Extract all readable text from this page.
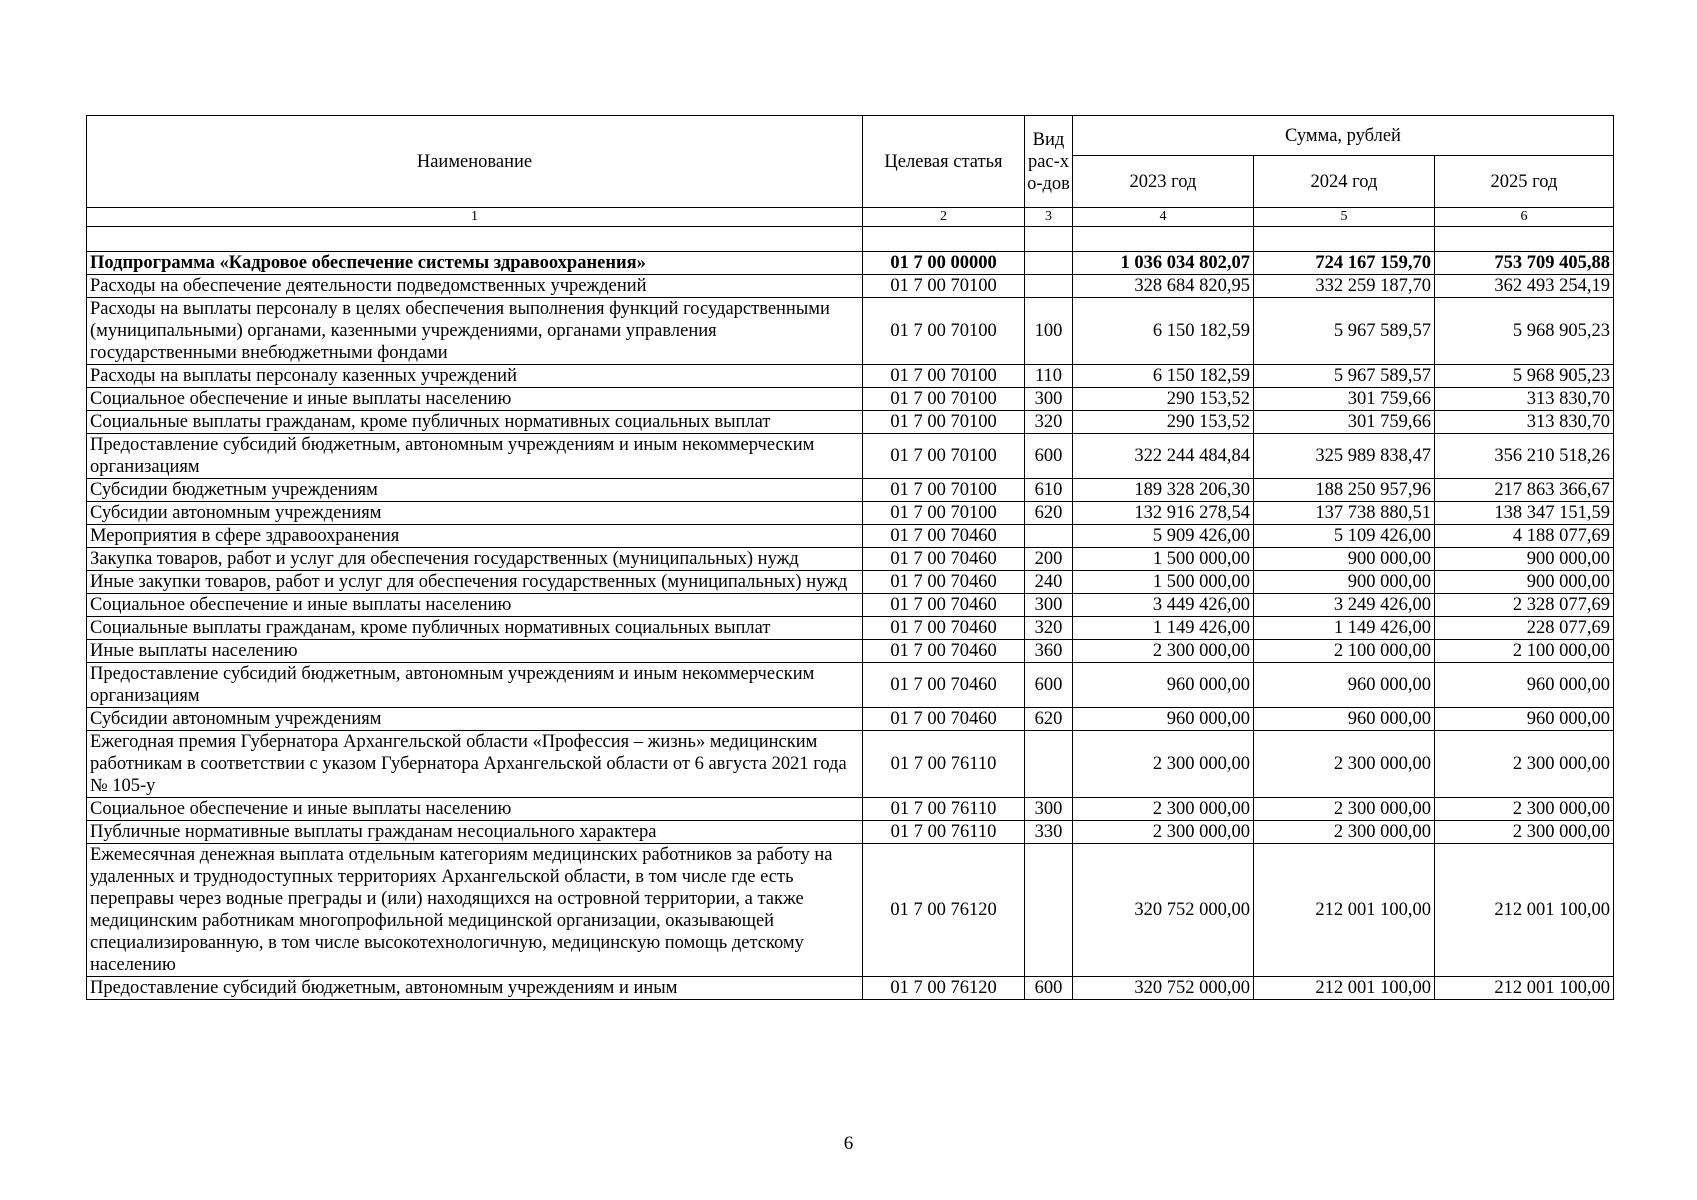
Наименование	Целевая статья	Вид рас-хо-дов	Сумма, рублей		
			2023 год	2024 год	2025 год
1	2	3	4	5	6

Подпрограмма «Кадровое обеспечение системы здравоохранения»	01 7 00 00000		1 036 034 802,07	724 167 159,70	753 709 405,88
Расходы на обеспечение деятельности подведомственных учреждений	01 7 00 70100		328 684 820,95	332 259 187,70	362 493 254,19
Расходы на выплаты персоналу в целях обеспечения выполнения функций государственными (муниципальными) органами, казенными учреждениями, органами управления государственными внебюджетными фондами	01 7 00 70100	100	6 150 182,59	5 967 589,57	5 968 905,23
Расходы на выплаты персоналу казенных учреждений	01 7 00 70100	110	6 150 182,59	5 967 589,57	5 968 905,23
Социальное обеспечение и иные выплаты населению	01 7 00 70100	300	290 153,52	301 759,66	313 830,70
Социальные выплаты гражданам, кроме публичных нормативных социальных выплат	01 7 00 70100	320	290 153,52	301 759,66	313 830,70
Предоставление субсидий бюджетным, автономным учреждениям и иным некоммерческим организациям	01 7 00 70100	600	322 244 484,84	325 989 838,47	356 210 518,26
Субсидии бюджетным учреждениям	01 7 00 70100	610	189 328 206,30	188 250 957,96	217 863 366,67
Субсидии автономным учреждениям	01 7 00 70100	620	132 916 278,54	137 738 880,51	138 347 151,59
Мероприятия в сфере здравоохранения	01 7 00 70460		5 909 426,00	5 109 426,00	4 188 077,69
Закупка товаров, работ и услуг для обеспечения государственных (муниципальных) нужд	01 7 00 70460	200	1 500 000,00	900 000,00	900 000,00
Иные закупки товаров, работ и услуг для обеспечения государственных (муниципальных) нужд	01 7 00 70460	240	1 500 000,00	900 000,00	900 000,00
Социальное обеспечение и иные выплаты населению	01 7 00 70460	300	3 449 426,00	3 249 426,00	2 328 077,69
Социальные выплаты гражданам, кроме публичных нормативных социальных выплат	01 7 00 70460	320	1 149 426,00	1 149 426,00	228 077,69
Иные выплаты населению	01 7 00 70460	360	2 300 000,00	2 100 000,00	2 100 000,00
Предоставление субсидий бюджетным, автономным учреждениям и иным некоммерческим организациям	01 7 00 70460	600	960 000,00	960 000,00	960 000,00
Субсидии автономным учреждениям	01 7 00 70460	620	960 000,00	960 000,00	960 000,00
Ежегодная премия Губернатора Архангельской области «Профессия – жизнь» медицинским работникам в соответствии с указом Губернатора Архангельской области от 6 августа 2021 года № 105-у	01 7 00 76110		2 300 000,00	2 300 000,00	2 300 000,00
Социальное обеспечение и иные выплаты населению	01 7 00 76110	300	2 300 000,00	2 300 000,00	2 300 000,00
Публичные нормативные выплаты гражданам несоциального характера	01 7 00 76110	330	2 300 000,00	2 300 000,00	2 300 000,00
Ежемесячная денежная выплата отдельным категориям медицинских работников за работу на удаленных и труднодоступных территориях Архангельской области, в том числе где есть переправы через водные преграды и (или) находящихся на островной территории, а также медицинским работникам многопрофильной медицинской организации, оказывающей специализированную, в том числе высокотехнологичную, медицинскую помощь детскому населению	01 7 00 76120		320 752 000,00	212 001 100,00	212 001 100,00
Предоставление субсидий бюджетным, автономным учреждениям и иным	01 7 00 76120	600	320 752 000,00	212 001 100,00	212 001 100,00
6
